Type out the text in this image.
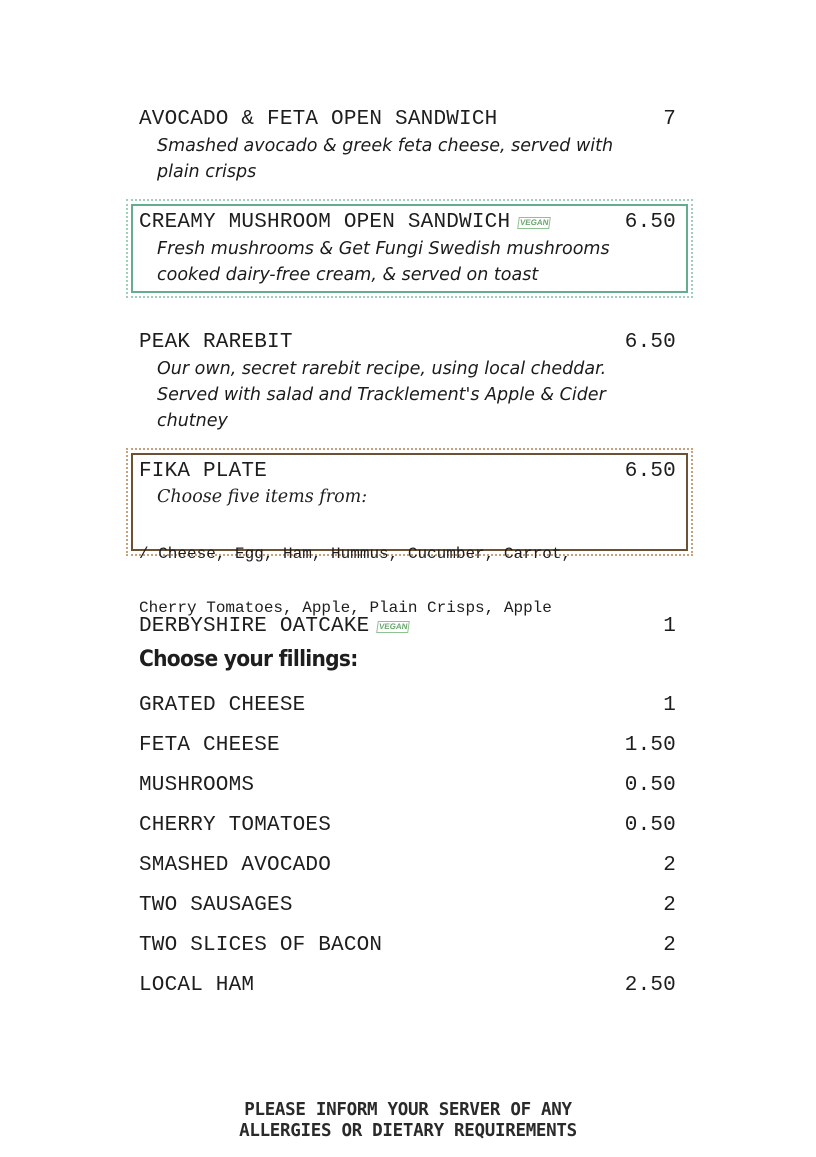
AVOCADO & FETA OPEN SANDWICH	7
Smashed avocado & greek feta cheese, served with
plain crisps
CREAMY MUSHROOM OPEN SANDWICH VEGAN	6.50
Fresh mushrooms & Get Fungi Swedish mushrooms
cooked dairy-free cream, & served on toast
PEAK RAREBIT	6.50
Our own, secret rarebit recipe, using local cheddar.
Served with salad and Tracklement's Apple & Cider
chutney
FIKA PLATE	6.50
Choose five items from:

/ Cheese, Egg, Ham, Hummus, Cucumber, Carrot,

Cherry Tomatoes, Apple, Plain Crisps, Apple

DERBYSHIRE OATCAKE VEGAN	1
Choose your fillings:
GRATED CHEESE	1
FETA CHEESE	1.50
MUSHROOMS	0.50
CHERRY TOMATOES	0.50
SMASHED AVOCADO	2
TWO SAUSAGES	2
TWO SLICES OF BACON	2
LOCAL HAM	2.50
PLEASE INFORM YOUR SERVER OF ANY
ALLERGIES OR DIETARY REQUIREMENTS
